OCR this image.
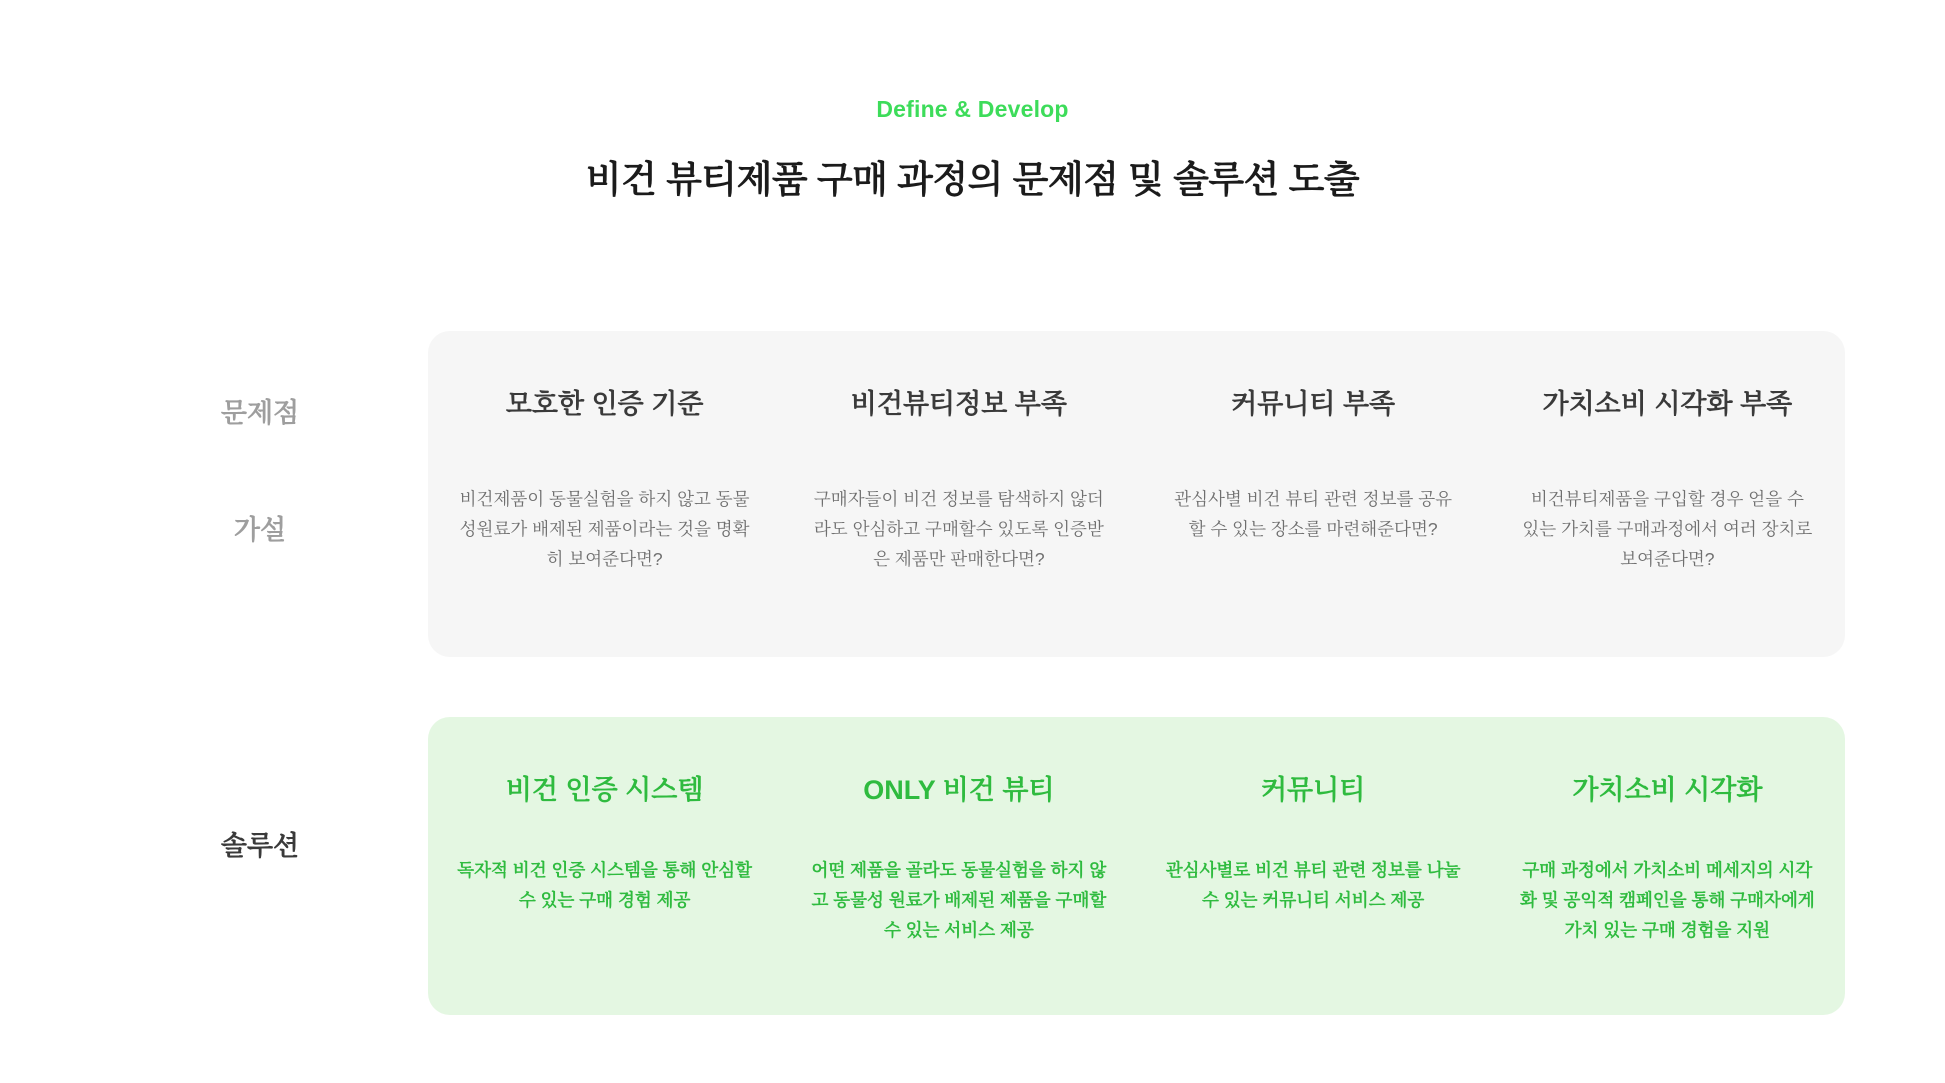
Define & Develop
비건 뷰티제품 구매 과정의 문제점 및 솔루션 도출
문제점
가설
솔루션
모호한 인증 기준
비건제품이 동물실험을 하지 않고 동물성원료가 배제된 제품이라는 것을 명확히 보여준다면?
비건뷰티정보 부족
구매자들이 비건 정보를 탐색하지 않더라도 안심하고 구매할수 있도록 인증받은 제품만 판매한다면?
커뮤니티 부족
관심사별 비건 뷰티 관련 정보를 공유할 수 있는 장소를 마련해준다면?
가치소비 시각화 부족
비건뷰티제품을 구입할 경우 얻을 수 있는 가치를 구매과정에서 여러 장치로 보여준다면?
비건 인증 시스템
독자적 비건 인증 시스템을 통해 안심할 수 있는 구매 경험 제공
ONLY 비건 뷰티
어떤 제품을 골라도 동물실험을 하지 않고 동물성 원료가 배제된 제품을 구매할 수 있는 서비스 제공
커뮤니티
관심사별로 비건 뷰티 관련 정보를 나눌 수 있는 커뮤니티 서비스 제공
가치소비 시각화
구매 과정에서 가치소비 메세지의 시각화 및 공익적 캠페인을 통해 구매자에게 가치 있는 구매 경험을 지원
